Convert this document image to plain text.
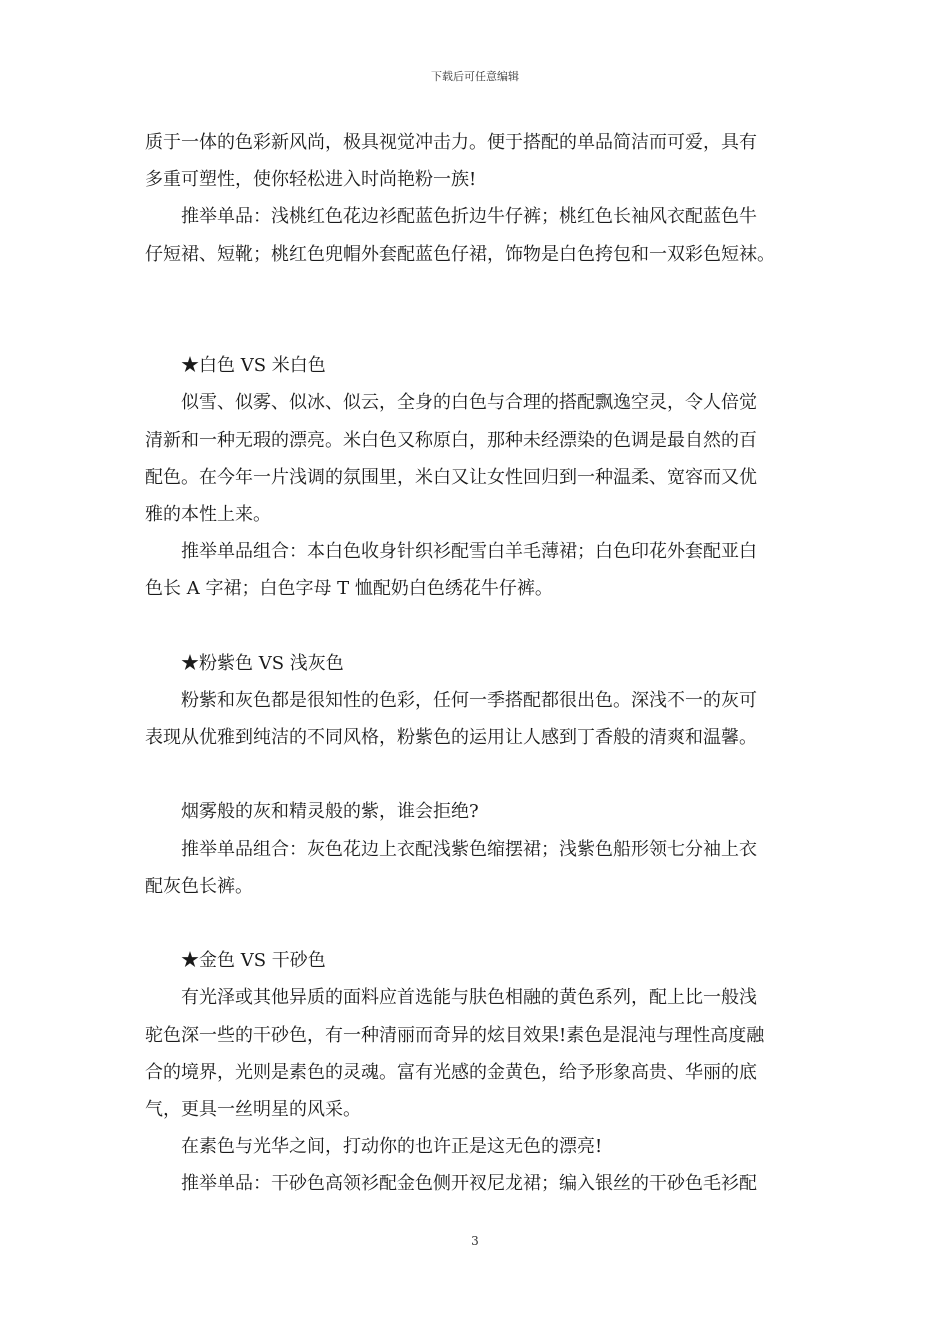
下载后可任意编辑
质于一体的色彩新风尚，极具视觉冲击力。便于搭配的单品简洁而可爱，具有
多重可塑性，使你轻松进入时尚艳粉一族!
推举单品：浅桃红色花边衫配蓝色折边牛仔裤；桃红色长袖风衣配蓝色牛
仔短裙、短靴；桃红色兜帽外套配蓝色仔裙，饰物是白色挎包和一双彩色短袜。
★白色 VS 米白色
似雪、似雾、似冰、似云，全身的白色与合理的搭配飘逸空灵，令人倍觉
清新和一种无瑕的漂亮。米白色又称原白，那种未经漂染的色调是最自然的百
配色。在今年一片浅调的氛围里，米白又让女性回归到一种温柔、宽容而又优
雅的本性上来。
推举单品组合：本白色收身针织衫配雪白羊毛薄裙；白色印花外套配亚白
色长 A 字裙；白色字母 T 恤配奶白色绣花牛仔裤。
★粉紫色 VS 浅灰色
粉紫和灰色都是很知性的色彩，任何一季搭配都很出色。深浅不一的灰可
表现从优雅到纯洁的不同风格，粉紫色的运用让人感到丁香般的清爽和温馨。
烟雾般的灰和精灵般的紫，谁会拒绝?
推举单品组合：灰色花边上衣配浅紫色缩摆裙；浅紫色船形领七分袖上衣
配灰色长裤。
★金色 VS 干砂色
有光泽或其他异质的面料应首选能与肤色相融的黄色系列，配上比一般浅
驼色深一些的干砂色，有一种清丽而奇异的炫目效果!素色是混沌与理性高度融
合的境界，光则是素色的灵魂。富有光感的金黄色，给予形象高贵、华丽的底
气，更具一丝明星的风采。
在素色与光华之间，打动你的也许正是这无色的漂亮!
推举单品：干砂色高领衫配金色侧开衩尼龙裙；编入银丝的干砂色毛衫配
3
